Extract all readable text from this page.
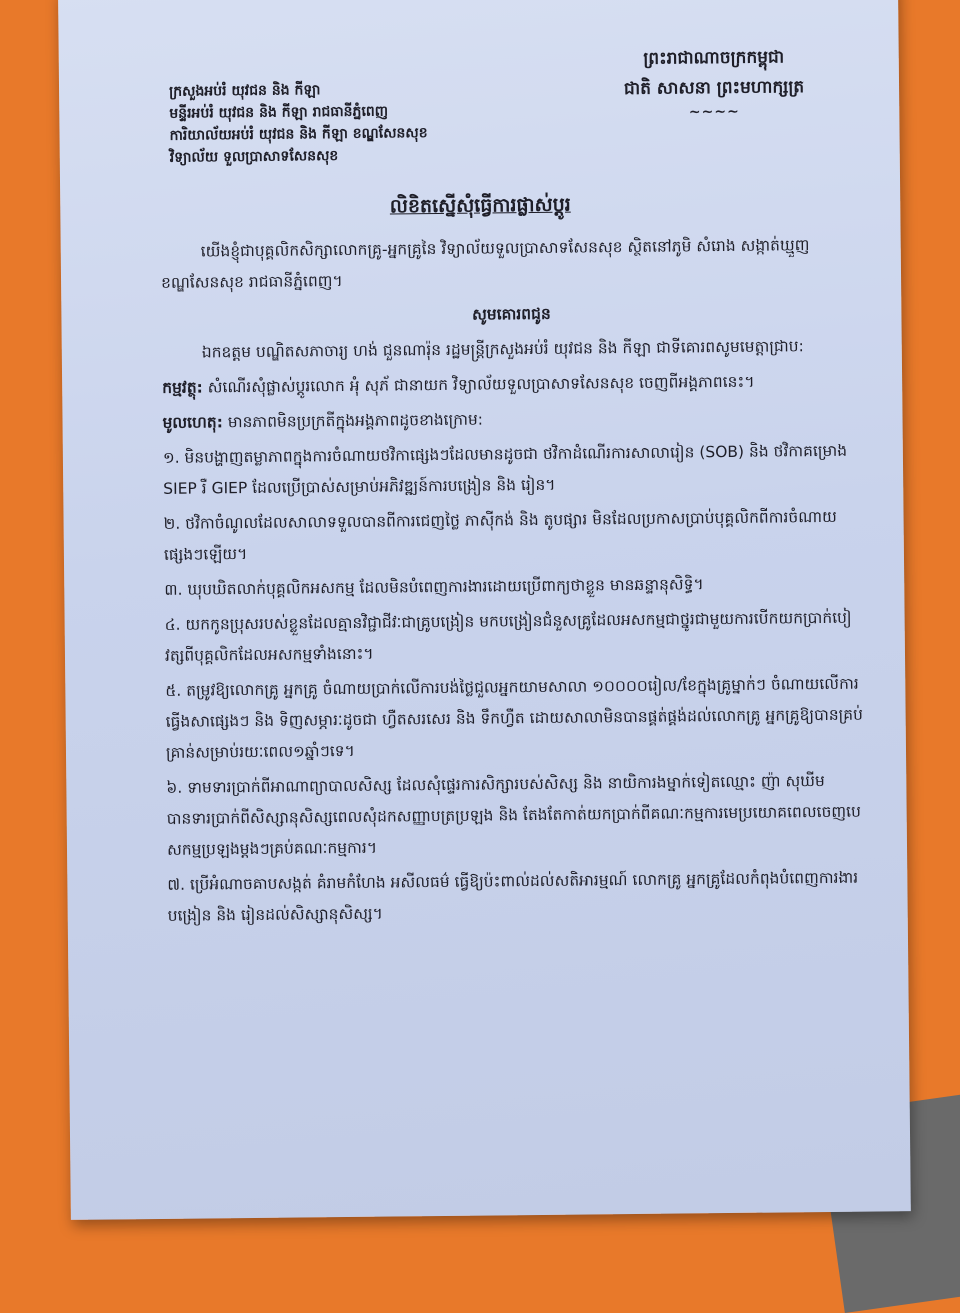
ក្រសួងអប់រំ យុវជន និង កីឡា
មន្ទីរអប់រំ យុវជន និង កីឡា រាជធានីភ្នំពេញ
ការិយាល័យអប់រំ យុវជន និង កីឡា ខណ្ឌសែនសុខ
វិទ្យាល័យ ទួលប្រាសាទសែនសុខ
ព្រះរាជាណាចក្រកម្ពុជា
ជាតិ សាសនា ព្រះមហាក្សត្រ
~~~~
លិខិតស្នើសុំធ្វើការផ្លាស់ប្តូរ

យើងខ្ញុំជាបុគ្គលិកសិក្សាលោកគ្រូ-អ្នកគ្រូនៃ វិទ្យាល័យទួលប្រាសាទសែនសុខ ស្ថិតនៅភូមិ សំរោង សង្កាត់ឃ្មួញ ខណ្ឌសែនសុខ រាជធានីភ្នំពេញ។

សូមគោរពជូន

ឯកឧត្តម បណ្ឌិតសភាចារ្យ ហង់ ជួនណារ៉ុន រដ្ឋមន្ត្រីក្រសួងអប់រំ យុវជន និង កីឡា ជាទីគោរពសូមមេត្តាជ្រាប:

កម្មវត្ថុ: សំណើរសុំផ្លាស់ប្តូរលោក អុំ សុភ័ ជានាយក វិទ្យាល័យទួលប្រាសាទសែនសុខ ចេញពីអង្គភាពនេះ។

មូលហេតុ: មានភាពមិនប្រក្រតីក្នុងអង្គភាពដូចខាងក្រោម:

១. មិនបង្ហាញតម្លាភាពក្នុងការចំណាយថវិកាផ្សេងៗដែលមានដូចជា ថវិកាដំណើរការសាលារៀន (SOB) និង ថវិកាគម្រោង SIEP រឺ GIEP ដែលប្រើប្រាស់សម្រាប់អភិវឌ្ឍន៍ការបង្រៀន និង រៀន។

២. ថវិកាចំណូលដែលសាលាទទួលបានពីការជេញថ្លៃ ភាស៊ីកង់ និង តូបផ្សារ មិនដែលប្រកាសប្រាប់បុគ្គលិកពីការចំណាយផ្សេងៗឡើយ។

៣. ឃុបឃិតលាក់បុគ្គលិកអសកម្ម ដែលមិនបំពេញការងារដោយប្រើពាក្យថាខ្លួន មានឆន្ទានុសិទ្ធិ។

៤. យកកូនប្រុសរបស់ខ្លួនដែលគ្មានវិជ្ជាជីវៈជាគ្រូបង្រៀន មកបង្រៀនជំនួសគ្រូដែលអសកម្មជាថ្នូរជាមួយការបើកយកប្រាក់បៀវត្សពីបុគ្គលិកដែលអសកម្មទាំងនោះ។

៥. តម្រូវឱ្យលោកគ្រូ អ្នកគ្រូ ចំណាយប្រាក់លើការបង់ថ្លៃជួលអ្នកយាមសាលា ១០០០០រៀល/ខែក្នុងគ្រូម្នាក់ៗ ចំណាយលើការធ្វើងសាផ្សេងៗ និង ទិញសម្ភារៈដូចជា ហ្វឺតសរសេរ និង ទឹកហ្វឺត ដោយសាលាមិនបានផ្គត់ផ្គង់ដល់លោកគ្រូ អ្នកគ្រូឱ្យបានគ្រប់គ្រាន់សម្រាប់រយៈពេល១ឆ្នាំៗទេ។

៦. ទាមទារប្រាក់ពីអាណាព្យាបាលសិស្ស ដែលសុំផ្ទេរការសិក្សារបស់សិស្ស និង នាយិការងម្នាក់ទៀតឈ្មោះ ញ៉ា សុឃីម បានទារប្រាក់ពីសិស្សានុសិស្សពេលសុំដកសញ្ញាបត្រប្រឡង និង តែងតែកាត់យកប្រាក់ពីគណៈកម្មការមេប្រយោគពេលចេញបេសកម្មប្រឡងម្តងៗគ្រប់គណៈកម្មការ។

៧. ប្រើអំណាចគាបសង្កត់ គំរាមកំហែង អសីលធម៌ ធ្វើឱ្យប៉ះពាល់ដល់សតិអារម្មណ៍ លោកគ្រូ អ្នកគ្រូដែលកំពុងបំពេញការងារបង្រៀន និង រៀនដល់សិស្សានុសិស្ស។
